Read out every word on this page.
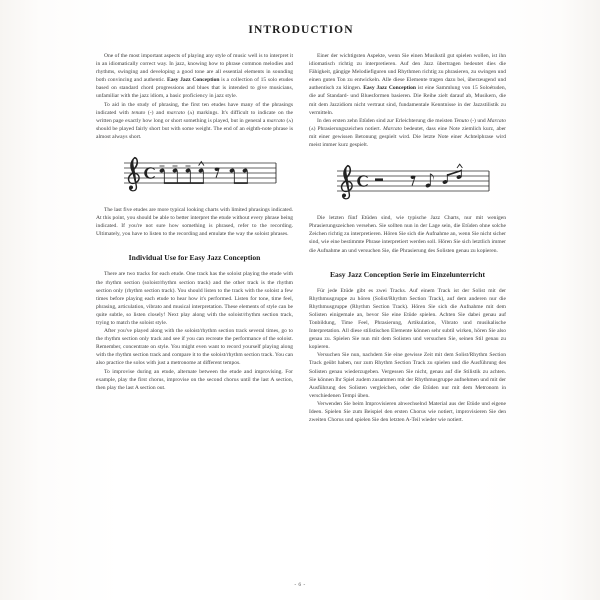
INTRODUCTION

One of the most important aspects of playing any style of music well is to interpret it in an idiomatically correct way. In jazz, knowing how to phrase common melodies and rhythms, swinging and developing a good tone are all essential elements in sounding both convincing and authentic. Easy Jazz Conception is a collection of 15 solo etudes based on standard chord progressions and blues that is intended to give musicians, unfamiliar with the jazz idiom, a basic proficiency in jazz style.

To aid in the study of phrasing, the first ten etudes have many of the phrasings indicated with tenuto (-) and marcato (ʌ) markings. It's difficult to indicate on the written page exactly how long or short something is played, but in general a marcato (ʌ) should be played fairly short but with some weight. The end of an eighth-note phrase is almost always short.

The last five etudes are more typical looking charts with limited phrasings indicated. At this point, you should be able to better interpret the etude without every phrase being indicated. If you're not sure how something is phrased, refer to the recording. Ultimately, you have to listen to the recording and emulate the way the soloist phrases.

Individual Use for Easy Jazz Conception

There are two tracks for each etude. One track has the soloist playing the etude with the rhythm section (soloist/rhythm section track) and the other track is the rhythm section only (rhythm section track). You should listen to the track with the soloist a few times before playing each etude to hear how it's performed. Listen for tone, time feel, phrasing, articulation, vibrato and musical interpretation. These elements of style can be quite subtle, so listen closely! Next play along with the soloist/rhythm section track, trying to match the soloist style.

After you've played along with the soloist/rhythm section track several times, go to the rhythm section only track and see if you can recreate the performance of the soloist. Remember, concentrate on style. You might even want to record yourself playing along with the rhythm section track and compare it to the soloist/rhythm section track. You can also practice the solos with just a metronome at different tempos.

To improvise during an etude, alternate between the etude and improvising. For example, play the first chorus, improvise on the second chorus until the last A section, then play the last A section out.

Einer der wichtigsten Aspekte, wenn Sie einen Musikstil gut spielen wollen, ist ihn idiomatisch richtig zu interpretieren. Auf den Jazz übertragen bedeutet dies die Fähigkeit, gängige Melodiefiguren und Rhythmen richtig zu phrasieren, zu swingen und einen guten Ton zu entwickeln. Alle diese Elemente tragen dazu bei, überzeugend und authentisch zu klingen. Easy Jazz Conception ist eine Sammlung von 15 Soloétuden, die auf Standard- und Bluesformen basieren. Die Reihe zielt darauf ab, Musikern, die mit dem Jazzidiom nicht vertraut sind, fundamentale Kenntnisse in der Jazzstilistik zu vermitteln.

In den ersten zehn Etüden sind zur Erleichterung die meisten Tenuto (-) und Marcato (ʌ) Phrasierungszeichen notiert. Marcato bedeutet, dass eine Note ziemlich kurz, aber mit einer gewissen Betonung gespielt wird. Die letzte Note einer Achtelphrase wird meist immer kurz gespielt.

Die letzten fünf Etüden sind, wie typische Jazz Charts, nur mit wenigen Phrasierungszeichen versehen. Sie sollten nun in der Lage sein, die Etüden ohne solche Zeichen richtig zu interpretieren. Hören Sie sich die Aufnahme an, wenn Sie nicht sicher sind, wie eine bestimmte Phrase interpretiert werden soll. Hören Sie sich letztlich immer die Aufnahme an und versuchen Sie, die Phrasierung des Solisten genau zu kopieren.

Easy Jazz Conception Serie im Einzelunterricht

Für jede Etüde gibt es zwei Tracks. Auf einem Track ist der Solist mit der Rhythmusgruppe zu hören (Solist/Rhythm Section Track), auf dem anderen nur die Rhythmusgruppe (Rhythm Section Track). Hören Sie sich die Aufnahme mit dem Solisten einigemale an, bevor Sie eine Etüde spielen. Achten Sie dabei genau auf Tonbildung, Time Feel, Phrasierung, Artikulation, Vibrato und musikalische Interpretation. All diese stilistischen Elemente können sehr subtil wirken, hören Sie also genau zu. Spielen Sie nun mit dem Solisten und versuchen Sie, seinen Stil genau zu kopieren.

Versuchen Sie nun, nachdem Sie eine gewisse Zeit mit dem Solist/Rhythm Section Track geübt haben, nur zum Rhythm Section Track zu spielen und die Ausführung des Solisten genau wiederzugeben. Vergessen Sie nicht, genau auf die Stilistik zu achten. Sie können Ihr Spiel zudem zusammen mit der Rhythmusgruppe aufnehmen und mit der Ausführung des Solisten vergleichen, oder die Etüden nur mit dem Metronom in verschiedenen Tempi üben.

Verwenden Sie beim Improvisieren abwechselnd Material aus der Etüde und eigene Ideen. Spielen Sie zum Beispiel den ersten Chorus wie notiert, improvisieren Sie den zweiten Chorus und spielen Sie den letzten A-Teil wieder wie notiert.

- 6 -
